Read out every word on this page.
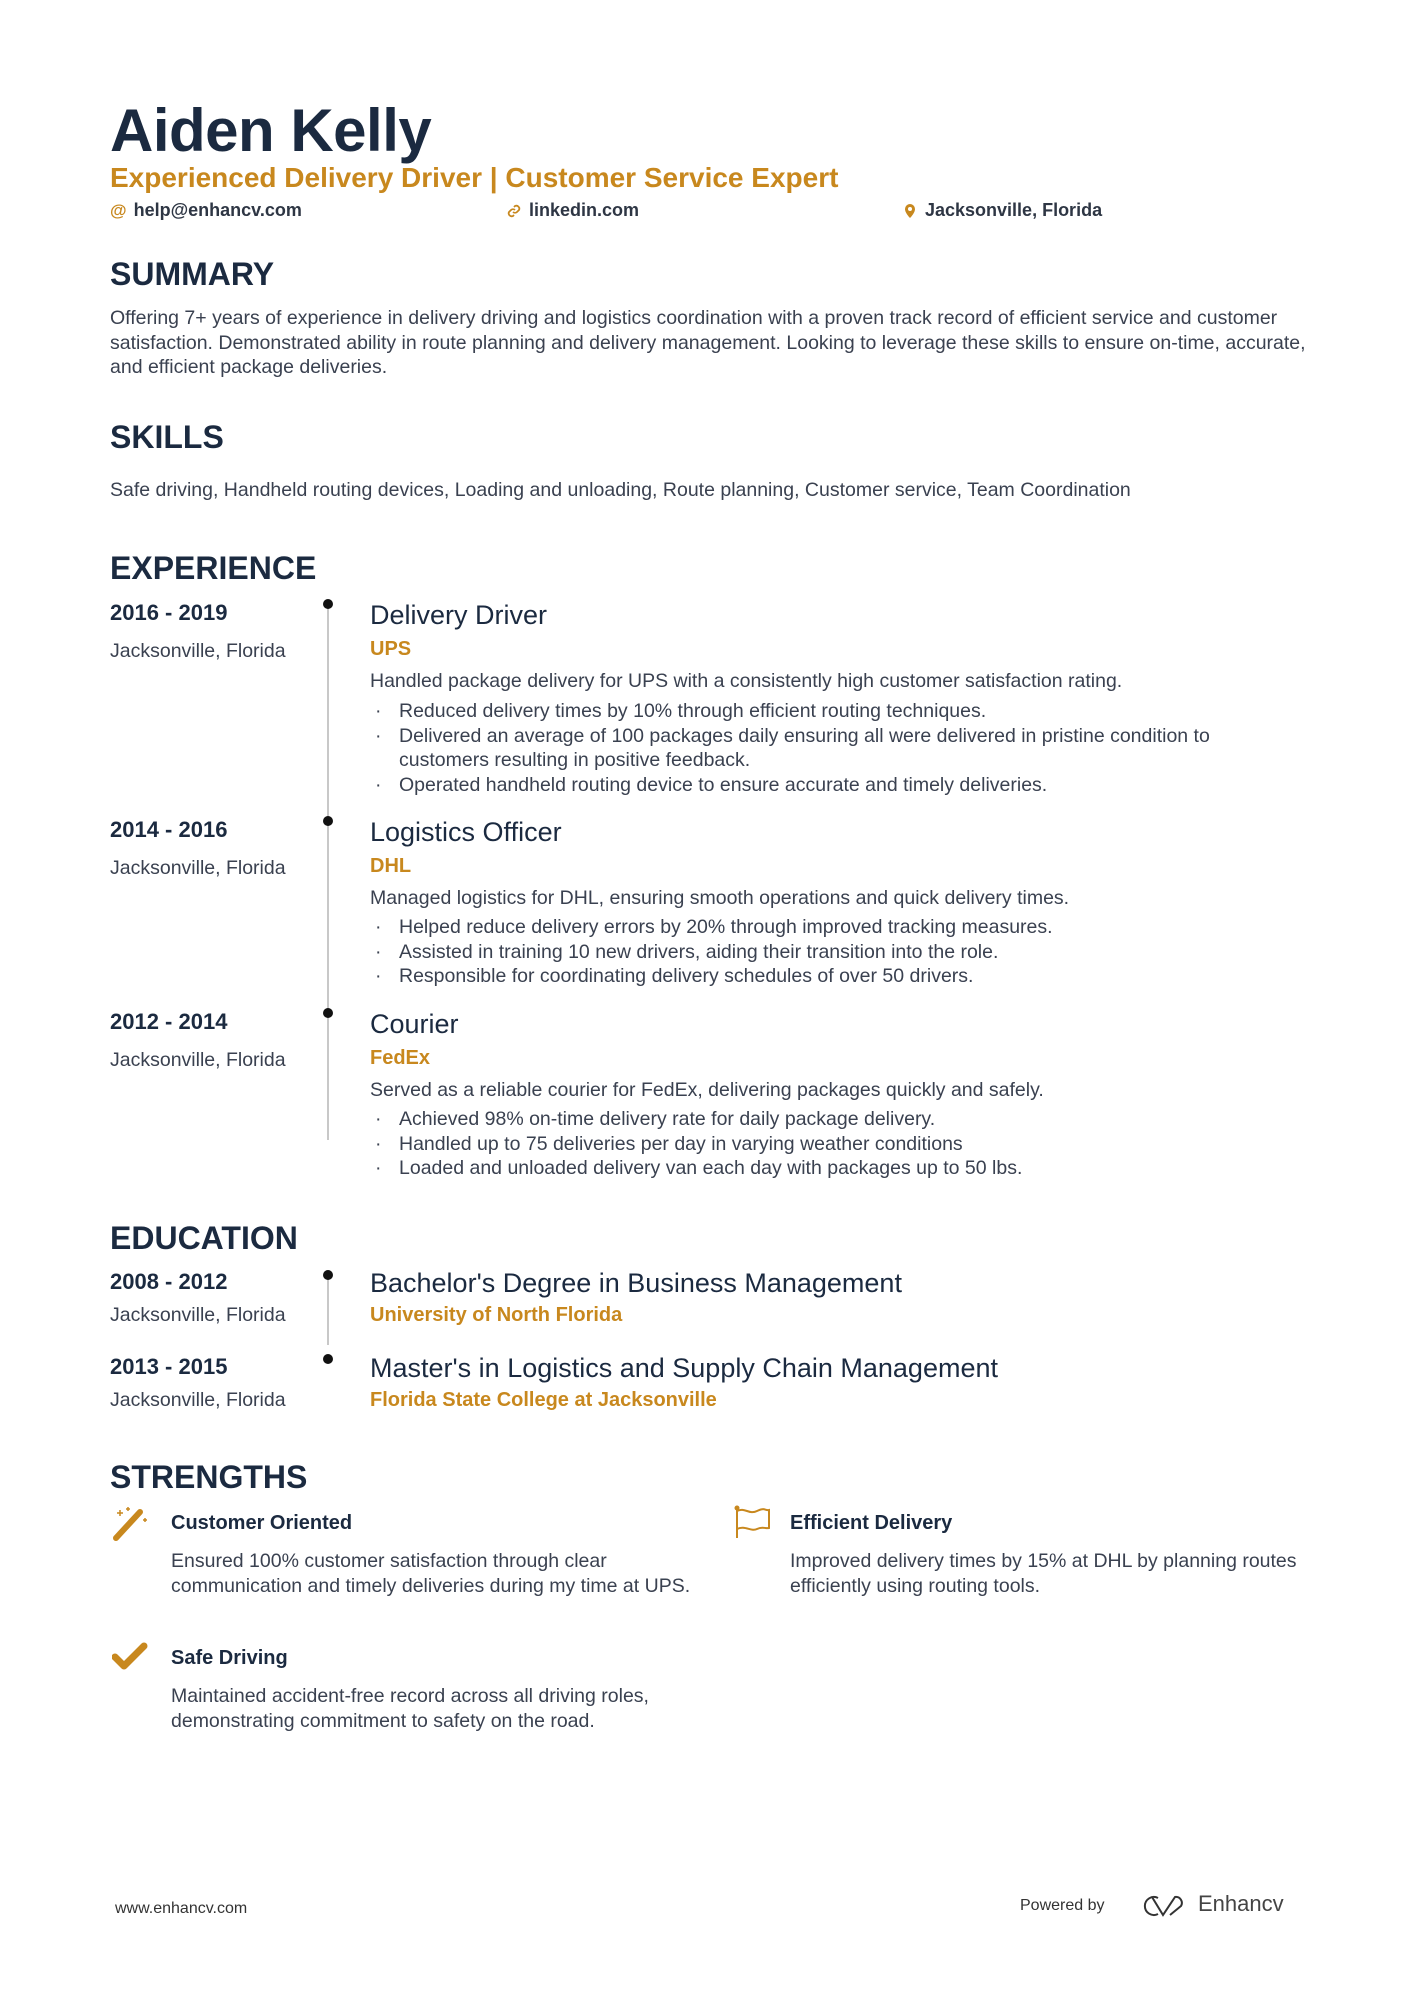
Aiden Kelly
Experienced Delivery Driver | Customer Service Expert
@ help@enhancv.com	linkedin.com	Jacksonville, Florida
SUMMARY
Offering 7+ years of experience in delivery driving and logistics coordination with a proven track record of efficient service and customer satisfaction. Demonstrated ability in route planning and delivery management. Looking to leverage these skills to ensure on-time, accurate, and efficient package deliveries.
SKILLS
Safe driving, Handheld routing devices, Loading and unloading, Route planning, Customer service, Team Coordination
EXPERIENCE
2016 - 2019
Jacksonville, Florida
Delivery Driver
UPS
Handled package delivery for UPS with a consistently high customer satisfaction rating.
· Reduced delivery times by 10% through efficient routing techniques.
· Delivered an average of 100 packages daily ensuring all were delivered in pristine condition to customers resulting in positive feedback.
· Operated handheld routing device to ensure accurate and timely deliveries.
2014 - 2016
Jacksonville, Florida
Logistics Officer
DHL
Managed logistics for DHL, ensuring smooth operations and quick delivery times.
· Helped reduce delivery errors by 20% through improved tracking measures.
· Assisted in training 10 new drivers, aiding their transition into the role.
· Responsible for coordinating delivery schedules of over 50 drivers.
2012 - 2014
Jacksonville, Florida
Courier
FedEx
Served as a reliable courier for FedEx, delivering packages quickly and safely.
· Achieved 98% on-time delivery rate for daily package delivery.
· Handled up to 75 deliveries per day in varying weather conditions
· Loaded and unloaded delivery van each day with packages up to 50 lbs.
EDUCATION
2008 - 2012
Jacksonville, Florida
Bachelor's Degree in Business Management
University of North Florida
2013 - 2015
Jacksonville, Florida
Master's in Logistics and Supply Chain Management
Florida State College at Jacksonville
STRENGTHS
Customer Oriented
Ensured 100% customer satisfaction through clear communication and timely deliveries during my time at UPS.
Efficient Delivery
Improved delivery times by 15% at DHL by planning routes efficiently using routing tools.
Safe Driving
Maintained accident-free record across all driving roles, demonstrating commitment to safety on the road.
www.enhancv.com	Powered by	Enhancv
